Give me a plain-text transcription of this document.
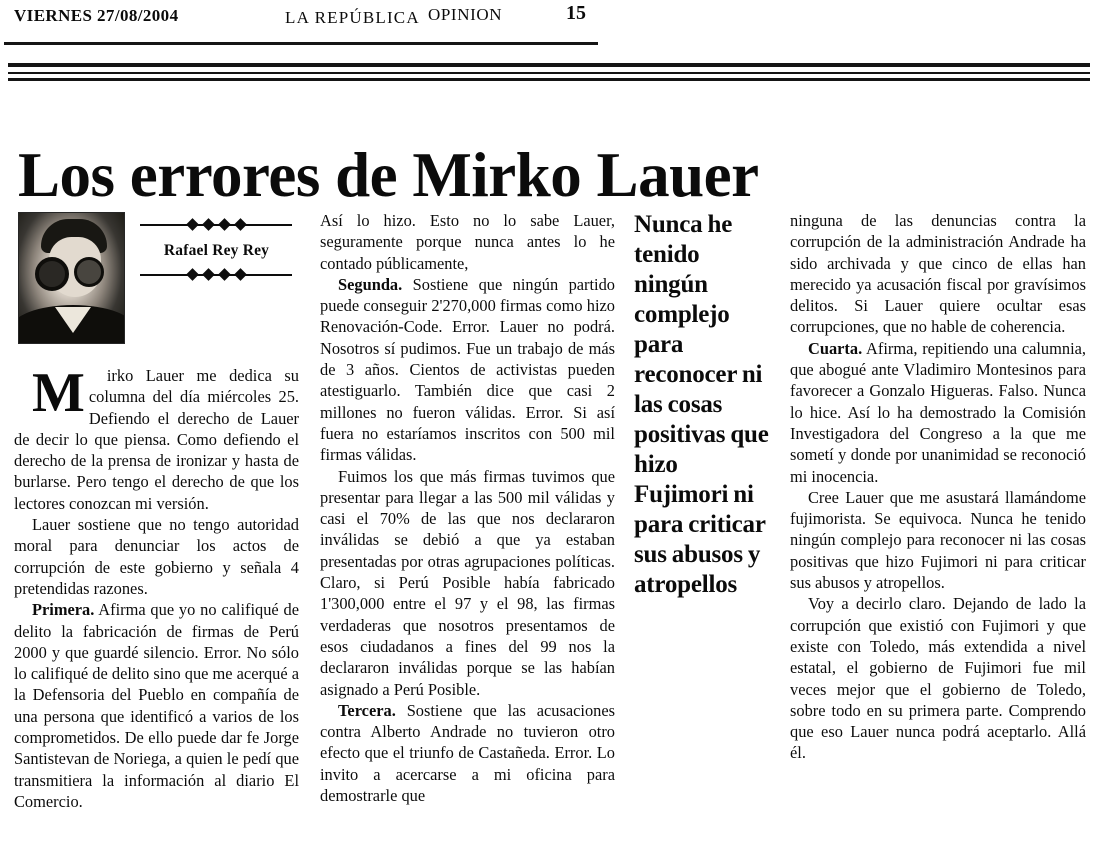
VIERNES 27/08/2004	LA REPÚBLICA OPINION	15
Los errores de Mirko Lauer
Rafael Rey Rey

M irko Lauer me dedica su columna del día miércoles 25. Defiendo el derecho de Lauer de decir lo que piensa. Como defiendo el derecho de la prensa de ironizar y hasta de burlarse. Pero tengo el derecho de que los lectores conozcan mi versión.

Lauer sostiene que no tengo autoridad moral para denunciar los actos de corrupción de este gobierno y señala 4 pretendidas razones.

Primera. Afirma que yo no califiqué de delito la fabricación de firmas de Perú 2000 y que guardé silencio. Error. No sólo lo califiqué de delito sino que me acerqué a la Defensoria del Pueblo en compañía de una persona que identificó a varios de los comprometidos. De ello puede dar fe Jorge Santistevan de Noriega, a quien le pedí que transmitiera la información al diario El Comercio.

Así lo hizo. Esto no lo sabe Lauer, seguramente porque nunca antes lo he contado públicamente,

Segunda. Sostiene que ningún partido puede conseguir 2'270,000 firmas como hizo Renovación-Code. Error. Lauer no podrá. Nosotros sí pudimos. Fue un trabajo de más de 3 años. Cientos de activistas pueden atestiguarlo. También dice que casi 2 millones no fueron válidas. Error. Si así fuera no estaríamos inscritos con 500 mil firmas válidas.

Fuimos los que más firmas tuvimos que presentar para llegar a las 500 mil válidas y casi el 70% de las que nos declararon inválidas se debió a que ya estaban presentadas por otras agrupaciones políticas. Claro, si Perú Posible había fabricado 1'300,000 entre el 97 y el 98, las firmas verdaderas que nosotros presentamos de esos ciudadanos a fines del 99 nos la declararon inválidas porque se las habían asignado a Perú Posible.

Tercera. Sostiene que las acusaciones contra Alberto Andrade no tuvieron otro efecto que el triunfo de Castañeda. Error. Lo invito a acercarse a mi oficina para demostrarle que

Nunca he tenido ningún complejo para reconocer ni las cosas positivas que hizo Fujimori ni para criticar sus abusos y atropellos

ninguna de las denuncias contra la corrupción de la administración Andrade ha sido archivada y que cinco de ellas han merecido ya acusación fiscal por gravísimos delitos. Si Lauer quiere ocultar esas corrupciones, que no hable de coherencia.

Cuarta. Afirma, repitiendo una calumnia, que abogué ante Vladimiro Montesinos para favorecer a Gonzalo Higueras. Falso. Nunca lo hice. Así lo ha demostrado la Comisión Investigadora del Congreso a la que me sometí y donde por unanimidad se reconoció mi inocencia.

Cree Lauer que me asustará llamándome fujimorista. Se equivoca. Nunca he tenido ningún complejo para reconocer ni las cosas positivas que hizo Fujimori ni para criticar sus abusos y atropellos.

Voy a decirlo claro. Dejando de lado la corrupción que existió con Fujimori y que existe con Toledo, más extendida a nivel estatal, el gobierno de Fujimori fue mil veces mejor que el gobierno de Toledo, sobre todo en su primera parte. Comprendo que eso Lauer nunca podrá aceptarlo. Allá él.
